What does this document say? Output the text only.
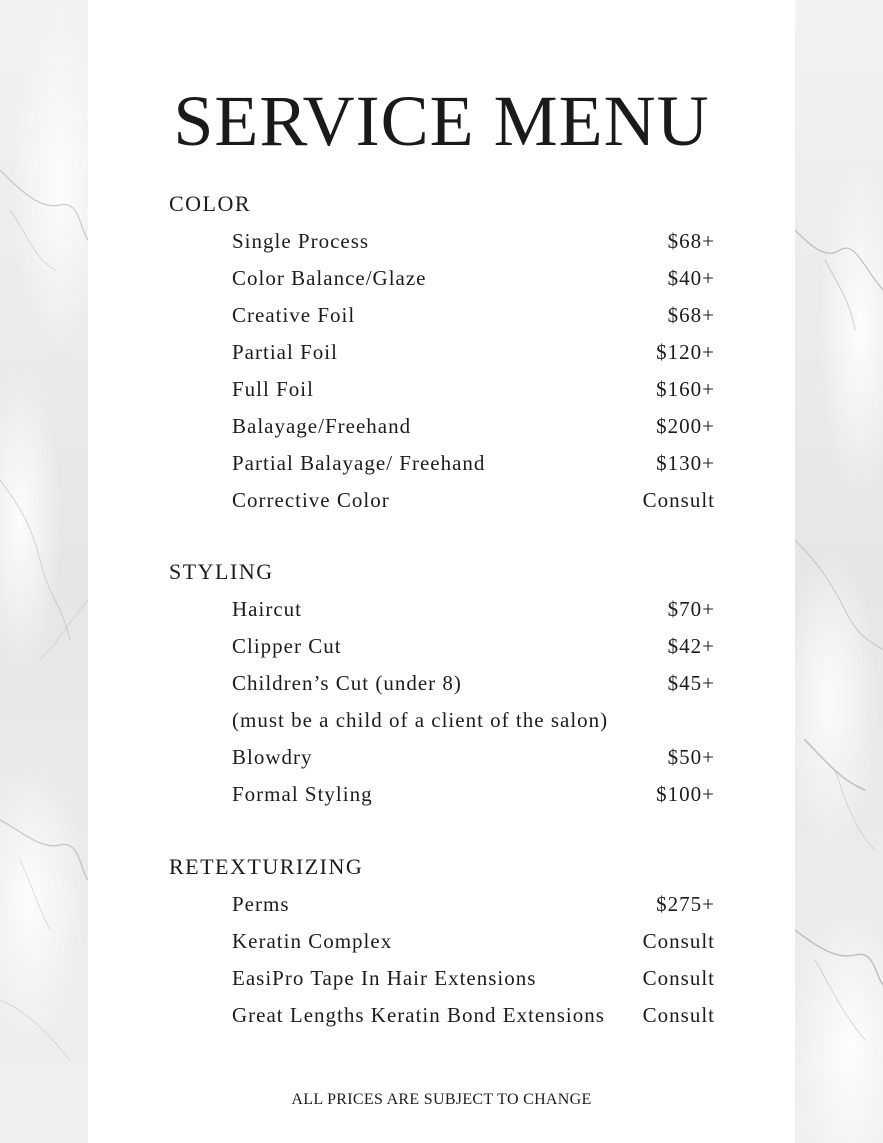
SERVICE MENU
COLOR
Single Process	$68+
Color Balance/Glaze	$40+
Creative Foil	$68+
Partial Foil	$120+
Full Foil	$160+
Balayage/Freehand	$200+
Partial Balayage/ Freehand	$130+
Corrective Color	Consult
STYLING
Haircut	$70+
Clipper Cut	$42+
Children’s Cut (under 8)	$45+
(must be a child of a client of the salon)
Blowdry	$50+
Formal Styling	$100+
RETEXTURIZING
Perms	$275+
Keratin Complex	Consult
EasiPro Tape In Hair Extensions	Consult
Great Lengths Keratin Bond Extensions Consult
ALL PRICES ARE SUBJECT TO CHANGE
